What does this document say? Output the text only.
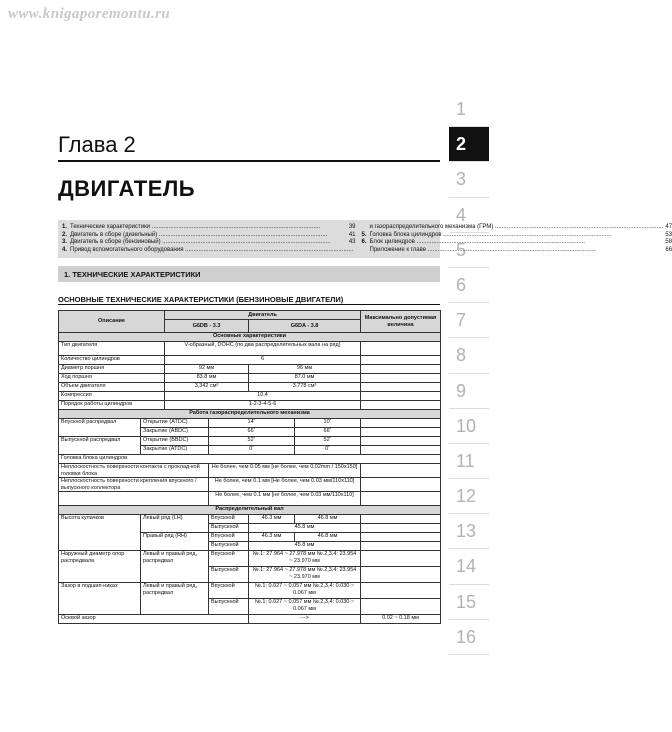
www.knigaporemontu.ru
1
2
3
4
5
6
7
8
9
10
11
12
13
14
15
16
Глава 2
ДВИГАТЕЛЬ
1. Технические характеристики .....	39
2. Двигатель в сборе (дизельный) .....	41
3. Двигатель в сборе (бензиновый) .....	43
4. Привод вспомогательного оборудования .....
и газораспределительного механизма (ГРМ) .....	47
5. Головка блока цилиндров .....	53
6. Блок цилиндров .....	58
Приложение к главе .....	66
1. ТЕХНИЧЕСКИЕ ХАРАКТЕРИСТИКИ
ОСНОВНЫЕ ТЕХНИЧЕСКИЕ ХАРАКТЕРИСТИКИ (БЕНЗИНОВЫЕ ДВИГАТЕЛИ)
Описание		Двигатель				Максимально допустимая величина
		G6DB - 3.3		G6DA - 3.8		
Основные характеристики						
Тип двигателя		V-образный, DOHC (по два распределительных вала на ряд)				
Количество цилиндров		6				
Диаметр поршня		92 мм		96 мм		
Ход поршня		83.8 мм		87.0 мм		
Объем двигателя		3,342 см³		3.778 см³		
Компрессия		10.4				
Порядок работы цилиндров		1-2-3-4-5-6				
Работа газораспределительного механизма						
Впускной распредвал	Открытие (ATDC)		14˚		10˚	
	Закрытие (ABDC)		66˚		66˚	
Выпускной распредвал	Открытие (BBDC)		52˚		52˚	
	Закрытие (ATDC)		0˚		0˚	
Головка блока цилиндров						
Неплоскостность поверхности контакта с проклад-кой головки блока			Не более, чем 0.05 мм [не более, чем 0.02mm / 150x150]			
Неплоскостность поверхности крепления впускного / выпускного коллектора			Не более, чем 0.1 мм [Не более, чем 0.03 мм/110x110]			
			Не более, чем 0.1 мм [не более, чем 0.03 мм/110x110]			
Распределительный вал						
Высота кулачков	Левый ряд (LH)		Впускной	46.3 мм	46.8 мм	
			Выпускной	45.8 мм		
	Правый ряд (RH)		Впускной	46.3 мм	46.8 мм	
			Выпускной	45.8 мм		
Наружный диаметр опор распредвала	Левый и правый ряд, распредвал		Впускной	№.1: 27.964 ~ 27.978 мм №.2,3,4: 23.954 ~ 23.970 мм		
			Выпускной	№.1: 27.964 ~ 27.978 мм №.2,3,4: 23.954 ~ 23.970 мм		
Зазор в подшип-никах	Левый и правый ряд, распредвал		Впускной	№.1: 0.027 ~ 0.057 мм №.2,3,4: 0.030 ~ 0.067 мм		
			Выпускной	№.1: 0.027 ~ 0.057 мм №.2,3,4: 0.030 ~ 0.067 мм		
Осевой зазор				--->		0.02 ~ 0.18 мм
